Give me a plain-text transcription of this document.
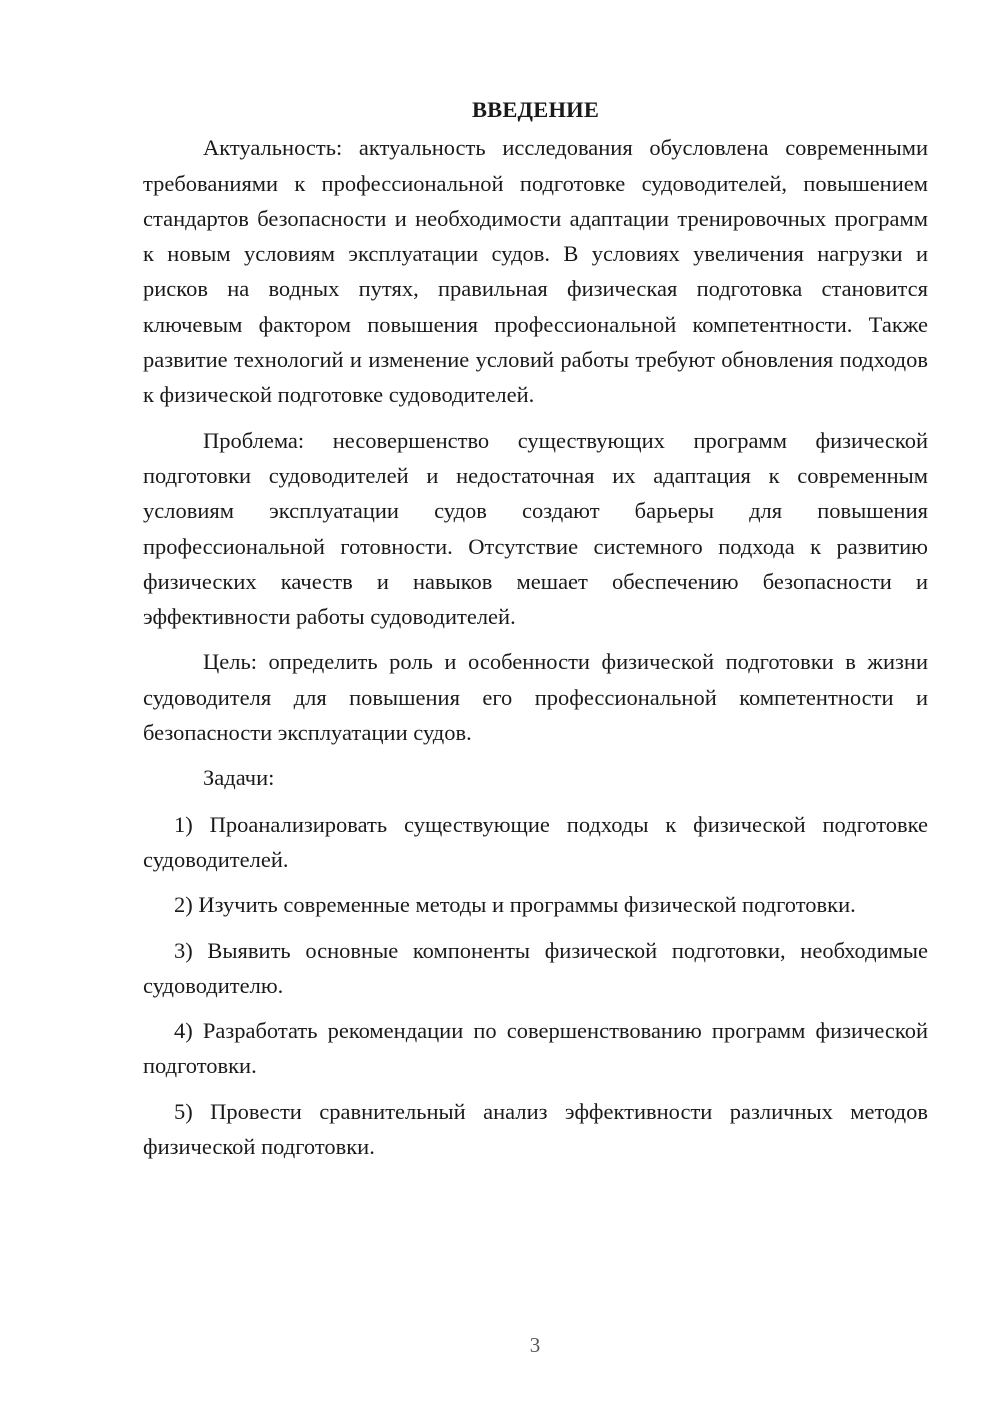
ВВЕДЕНИЕ

Актуальность: актуальность исследования обусловлена современными требованиями к профессиональной подготовке судоводителей, повышением стандартов безопасности и необходимости адаптации тренировочных программ к новым условиям эксплуатации судов. В условиях увеличения нагрузки и рисков на водных путях, правильная физическая подготовка становится ключевым фактором повышения профессиональной компетентности. Также развитие технологий и изменение условий работы требуют обновления подходов к физической подготовке судоводителей.

Проблема: несовершенство существующих программ физической подготовки судоводителей и недостаточная их адаптация к современным условиям эксплуатации судов создают барьеры для повышения профессиональной готовности. Отсутствие системного подхода к развитию физических качеств и навыков мешает обеспечению безопасности и эффективности работы судоводителей.

Цель: определить роль и особенности физической подготовки в жизни судоводителя для повышения его профессиональной компетентности и безопасности эксплуатации судов.

Задачи:

1) Проанализировать существующие подходы к физической подготовке судоводителей.

2) Изучить современные методы и программы физической подготовки.

3) Выявить основные компоненты физической подготовки, необходимые судоводителю.

4) Разработать рекомендации по совершенствованию программ физической подготовки.

5) Провести сравнительный анализ эффективности различных методов физической подготовки.

3
